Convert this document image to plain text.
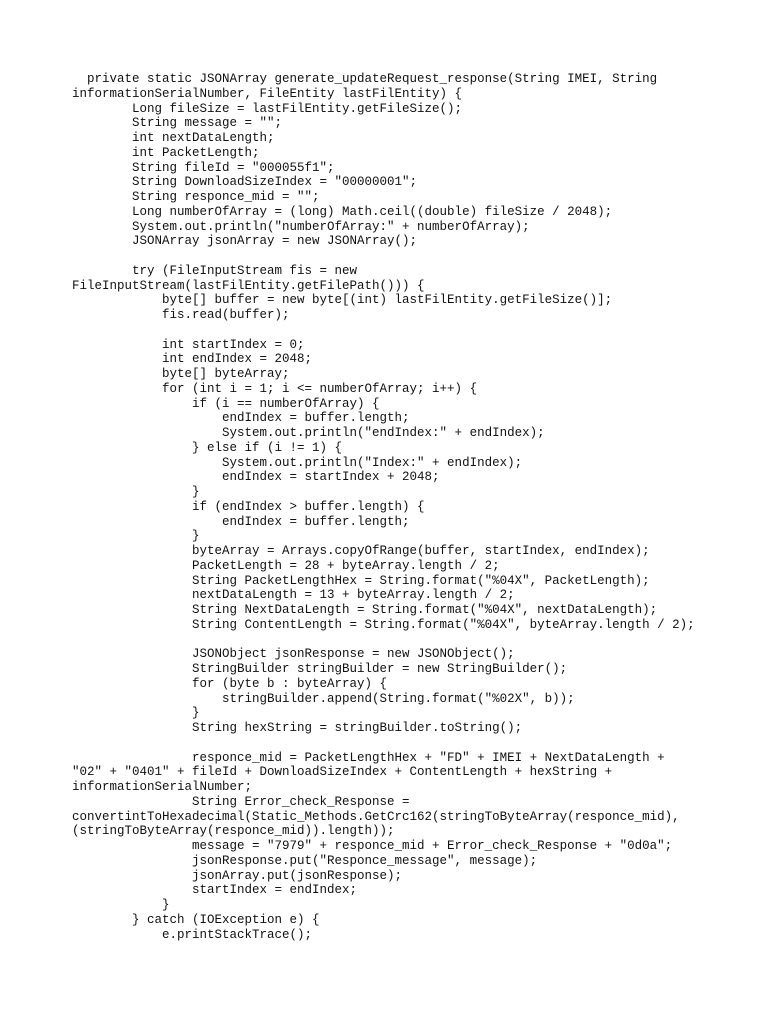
private static JSONArray generate_updateRequest_response(String IMEI, String
informationSerialNumber, FileEntity lastFilEntity) {
Long fileSize = lastFilEntity.getFileSize();
String message = "";
int nextDataLength;
int PacketLength;
String fileId = "000055f1";
String DownloadSizeIndex = "00000001";
String responce_mid = "";
Long numberOfArray = (long) Math.ceil((double) fileSize / 2048);
System.out.println("numberOfArray:" + numberOfArray);
JSONArray jsonArray = new JSONArray();
try (FileInputStream fis = new
FileInputStream(lastFilEntity.getFilePath())) {
byte[] buffer = new byte[(int) lastFilEntity.getFileSize()];
fis.read(buffer);
int startIndex = 0;
int endIndex = 2048;
byte[] byteArray;
for (int i = 1; i <= numberOfArray; i++) {
if (i == numberOfArray) {
endIndex = buffer.length;
System.out.println("endIndex:" + endIndex);
} else if (i != 1) {
System.out.println("Index:" + endIndex);
endIndex = startIndex + 2048;
}
if (endIndex > buffer.length) {
endIndex = buffer.length;
}
byteArray = Arrays.copyOfRange(buffer, startIndex, endIndex);
PacketLength = 28 + byteArray.length / 2;
String PacketLengthHex = String.format("%04X", PacketLength);
nextDataLength = 13 + byteArray.length / 2;
String NextDataLength = String.format("%04X", nextDataLength);
String ContentLength = String.format("%04X", byteArray.length / 2);
JSONObject jsonResponse = new JSONObject();
StringBuilder stringBuilder = new StringBuilder();
for (byte b : byteArray) {
stringBuilder.append(String.format("%02X", b));
}
String hexString = stringBuilder.toString();
responce_mid = PacketLengthHex + "FD" + IMEI + NextDataLength +
"02" + "0401" + fileId + DownloadSizeIndex + ContentLength + hexString +
informationSerialNumber;
String Error_check_Response =
convertintToHexadecimal(Static_Methods.GetCrc162(stringToByteArray(responce_mid),
(stringToByteArray(responce_mid)).length));
message = "7979" + responce_mid + Error_check_Response + "0d0a";
jsonResponse.put("Responce_message", message);
jsonArray.put(jsonResponse);
startIndex = endIndex;
}
} catch (IOException e) {
e.printStackTrace();
